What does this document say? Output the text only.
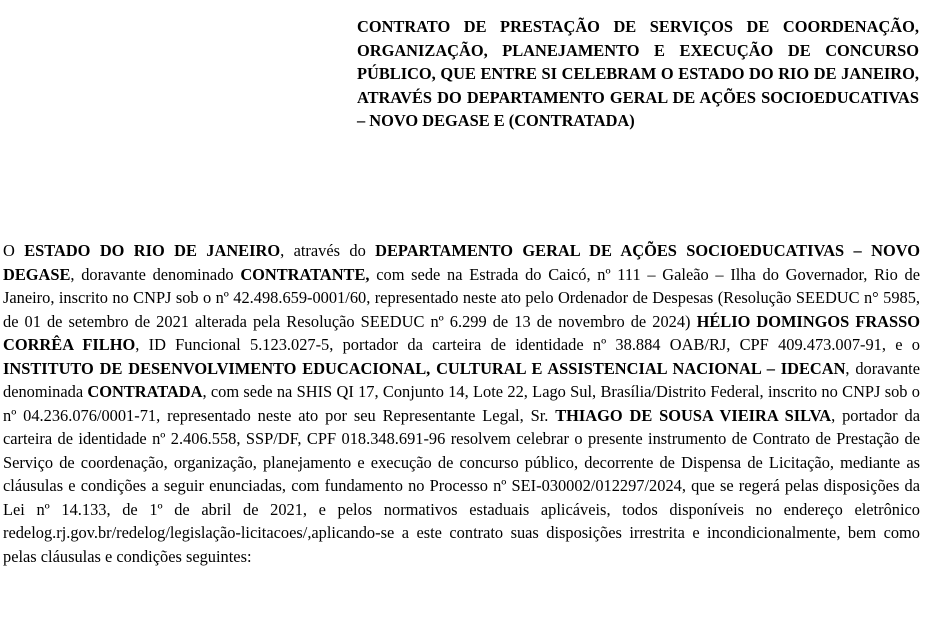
CONTRATO DE PRESTAÇÃO DE SERVIÇOS DE COORDENAÇÃO, ORGANIZAÇÃO, PLANEJAMENTO E EXECUÇÃO DE CONCURSO PÚBLICO, QUE ENTRE SI CELEBRAM O ESTADO DO RIO DE JANEIRO, ATRAVÉS DO DEPARTAMENTO GERAL DE AÇÕES SOCIOEDUCATIVAS – NOVO DEGASE E (CONTRATADA)

O ESTADO DO RIO DE JANEIRO, através do DEPARTAMENTO GERAL DE AÇÕES SOCIOEDUCATIVAS – NOVO DEGASE, doravante denominado CONTRATANTE, com sede na Estrada do Caicó, nº 111 – Galeão – Ilha do Governador, Rio de Janeiro, inscrito no CNPJ sob o nº 42.498.659-0001/60, representado neste ato pelo Ordenador de Despesas (Resolução SEEDUC n° 5985, de 01 de setembro de 2021 alterada pela Resolução SEEDUC nº 6.299 de 13 de novembro de 2024) HÉLIO DOMINGOS FRASSO CORRÊA FILHO, ID Funcional 5.123.027-5, portador da carteira de identidade nº 38.884 OAB/RJ, CPF 409.473.007-91, e o INSTITUTO DE DESENVOLVIMENTO EDUCACIONAL, CULTURAL E ASSISTENCIAL NACIONAL – IDECAN, doravante denominada CONTRATADA, com sede na SHIS QI 17, Conjunto 14, Lote 22, Lago Sul, Brasília/Distrito Federal, inscrito no CNPJ sob o nº 04.236.076/0001-71, representado neste ato por seu Representante Legal, Sr. THIAGO DE SOUSA VIEIRA SILVA, portador da carteira de identidade nº 2.406.558, SSP/DF, CPF 018.348.691-96 resolvem celebrar o presente instrumento de Contrato de Prestação de Serviço de coordenação, organização, planejamento e execução de concurso público, decorrente de Dispensa de Licitação, mediante as cláusulas e condições a seguir enunciadas, com fundamento no Processo nº SEI-030002/012297/2024, que se regerá pelas disposições da Lei nº 14.133, de 1º de abril de 2021, e pelos normativos estaduais aplicáveis, todos disponíveis no endereço eletrônico redelog.rj.gov.br/redelog/legislação-licitacoes/,aplicando-se a este contrato suas disposições irrestrita e incondicionalmente, bem como pelas cláusulas e condições seguintes:
